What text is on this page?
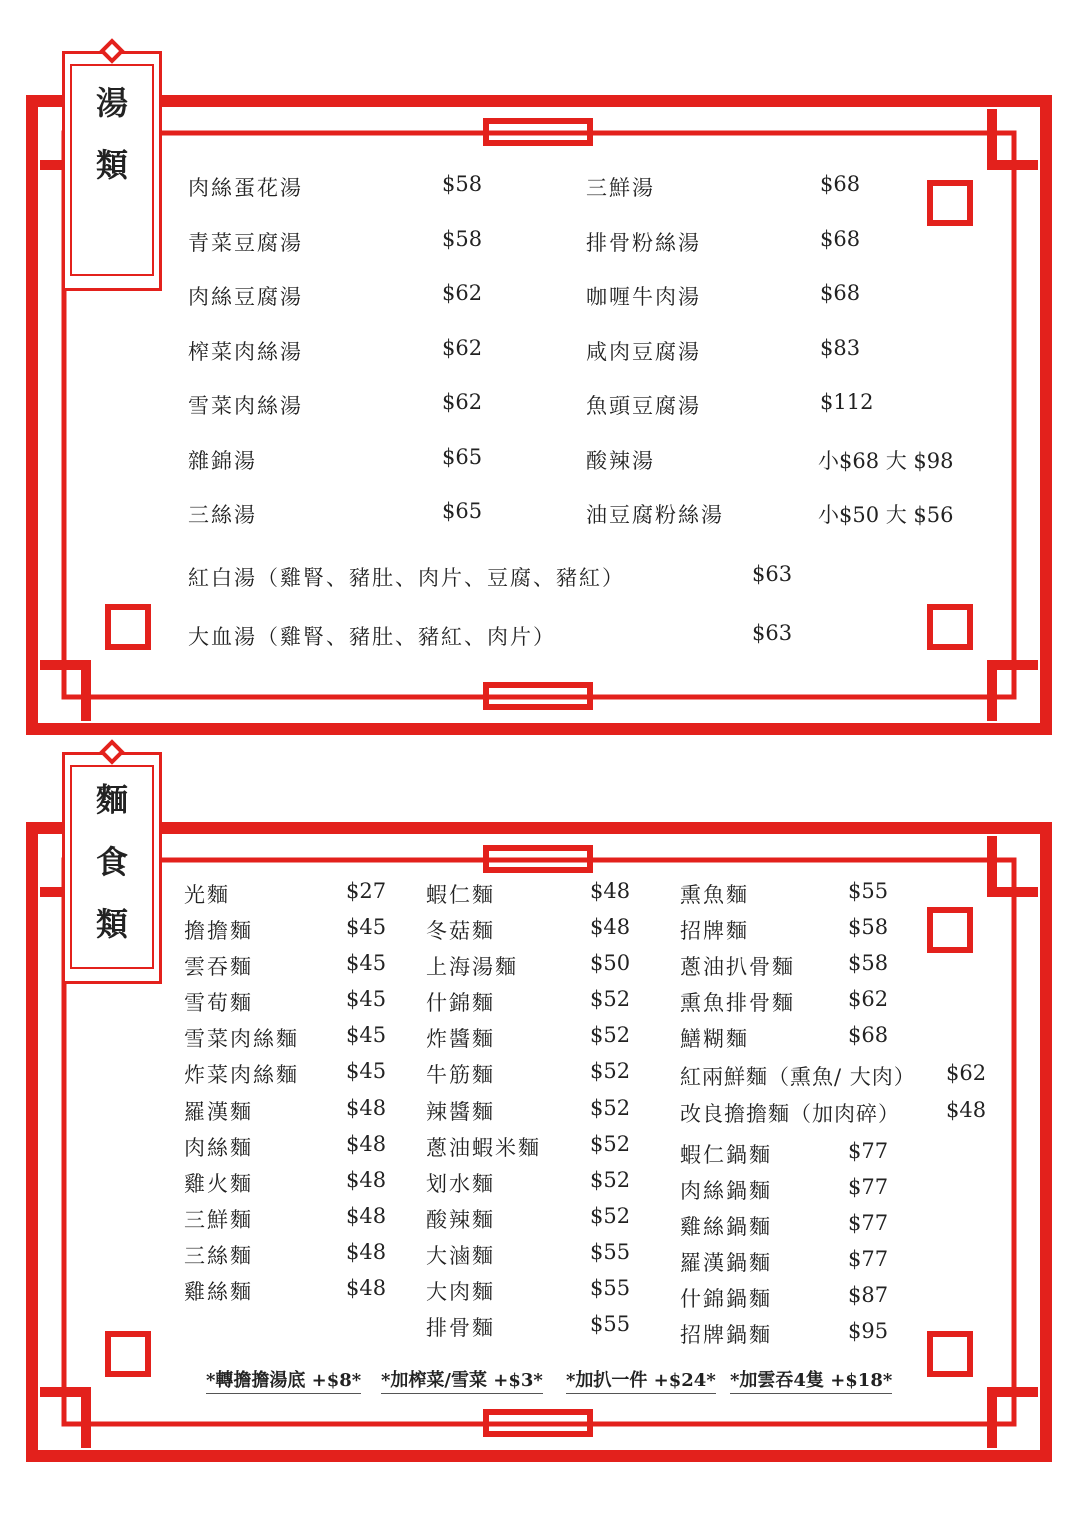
湯類
肉絲蛋花湯	$58
青菜豆腐湯	$58
肉絲豆腐湯	$62
榨菜肉絲湯	$62
雪菜肉絲湯	$62
雜錦湯	$65
三絲湯	$65
三鮮湯	$68
排骨粉絲湯	$68
咖喱牛肉湯	$68
咸肉豆腐湯	$83
魚頭豆腐湯	$112
酸辣湯	小$68 大 $98
油豆腐粉絲湯	小$50 大 $56
紅白湯（雞腎、豬肚、肉片、豆腐、豬紅）	$63
大血湯（雞腎、豬肚、豬紅、肉片）	$63
麵食類
光麵	$27
擔擔麵	$45
雲吞麵	$45
雪荀麵	$45
雪菜肉絲麵 $45
炸菜肉絲麵 $45
羅漢麵	$48
肉絲麵	$48
雞火麵	$48
三鮮麵	$48
三絲麵	$48
雞絲麵	$48
蝦仁麵	$48
冬菇麵	$48
上海湯麵	$50
什錦麵	$52
炸醬麵	$52
牛筋麵	$52
辣醬麵	$52
蔥油蝦米麵 $52
划水麵	$52
酸辣麵	$52
大滷麵	$55
大肉麵	$55
排骨麵	$55
熏魚麵	$55
招牌麵	$58
蔥油扒骨麵	$58
熏魚排骨麵	$62
鱔糊麵	$68
紅兩鮮麵（熏魚/ 大肉） $62
改良擔擔麵（加肉碎） $48
蝦仁鍋麵	$77
肉絲鍋麵	$77
雞絲鍋麵	$77
羅漢鍋麵	$77
什錦鍋麵	$87
招牌鍋麵	$95
*轉擔擔湯底 +$8* *加榨菜/雪菜 +$3* *加扒一件 +$24* *加雲吞4隻 +$18*
